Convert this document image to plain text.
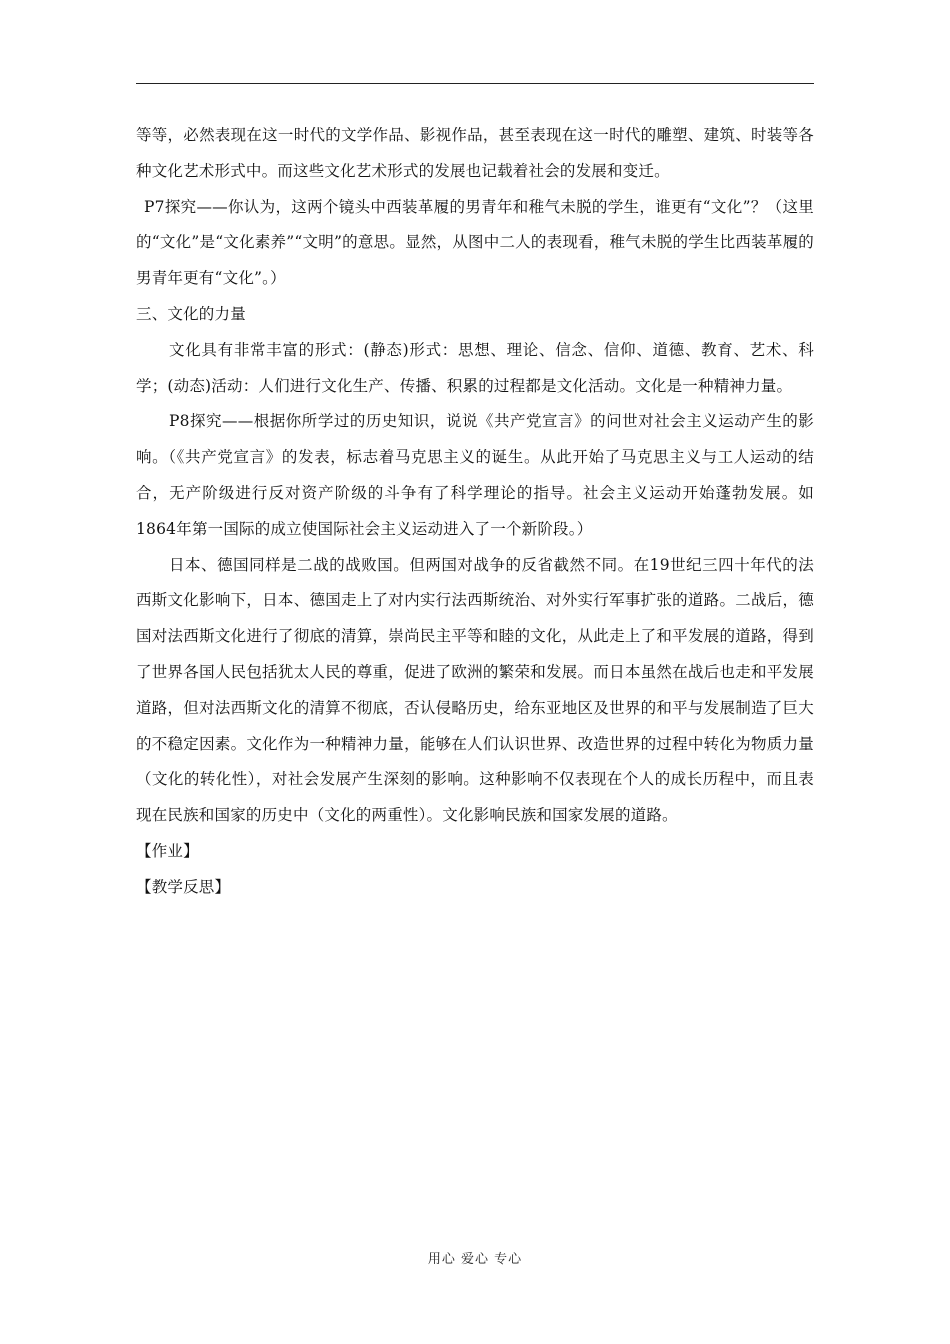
等等，必然表现在这一时代的文学作品、影视作品，甚至表现在这一时代的雕塑、建筑、时装等各种文化艺术形式中。而这些文化艺术形式的发展也记载着社会的发展和变迁。

P7探究——你认为，这两个镜头中西装革履的男青年和稚气未脱的学生，谁更有“文化”？（这里的“文化”是“文化素养”“文明”的意思。显然，从图中二人的表现看，稚气未脱的学生比西装革履的男青年更有“文化”。）

三、文化的力量

文化具有非常丰富的形式：(静态)形式：思想、理论、信念、信仰、道德、教育、艺术、科学；(动态)活动：人们进行文化生产、传播、积累的过程都是文化活动。文化是一种精神力量。

P8探究——根据你所学过的历史知识，说说《共产党宣言》的问世对社会主义运动产生的影响。（《共产党宣言》的发表，标志着马克思主义的诞生。从此开始了马克思主义与工人运动的结合，无产阶级进行反对资产阶级的斗争有了科学理论的指导。社会主义运动开始蓬勃发展。如1864年第一国际的成立使国际社会主义运动进入了一个新阶段。）

日本、德国同样是二战的战败国。但两国对战争的反省截然不同。在19世纪三四十年代的法西斯文化影响下，日本、德国走上了对内实行法西斯统治、对外实行军事扩张的道路。二战后，德国对法西斯文化进行了彻底的清算，崇尚民主平等和睦的文化，从此走上了和平发展的道路，得到了世界各国人民包括犹太人民的尊重，促进了欧洲的繁荣和发展。而日本虽然在战后也走和平发展道路，但对法西斯文化的清算不彻底，否认侵略历史，给东亚地区及世界的和平与发展制造了巨大的不稳定因素。文化作为一种精神力量，能够在人们认识世界、改造世界的过程中转化为物质力量（文化的转化性），对社会发展产生深刻的影响。这种影响不仅表现在个人的成长历程中，而且表现在民族和国家的历史中（文化的两重性）。文化影响民族和国家发展的道路。

【作业】

【教学反思】

用心 爱心 专心
